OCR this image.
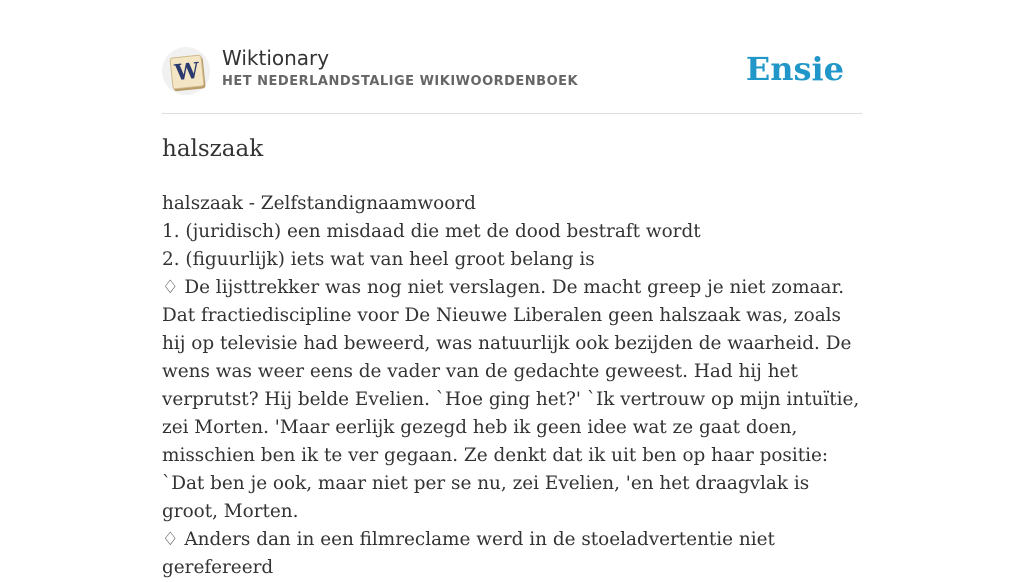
W Wiktionary
HET NEDERLANDSTALIGE WIKIWOORDENBOEK	Ensie
halszaak

halszaak - Zelfstandignaamwoord

1. (juridisch) een misdaad die met de dood bestraft wordt

2. (figuurlijk) iets wat van heel groot belang is

♢ De lijsttrekker was nog niet verslagen. De macht greep je niet zomaar. Dat fractiediscipline voor De Nieuwe Liberalen geen halszaak was, zoals hij op televisie had beweerd, was natuurlijk ook bezijden de waarheid. De wens was weer eens de vader van de gedachte geweest. Had hij het verprutst? Hij belde Evelien. `Hoe ging het?' `Ik vertrouw op mijn intuïtie, zei Morten. 'Maar eerlijk gezegd heb ik geen idee wat ze gaat doen, misschien ben ik te ver gegaan. Ze denkt dat ik uit ben op haar positie: `Dat ben je ook, maar niet per se nu, zei Evelien, 'en het draagvlak is groot, Morten.

♢ Anders dan in een filmreclame werd in de stoeladvertentie niet gerefereerd
